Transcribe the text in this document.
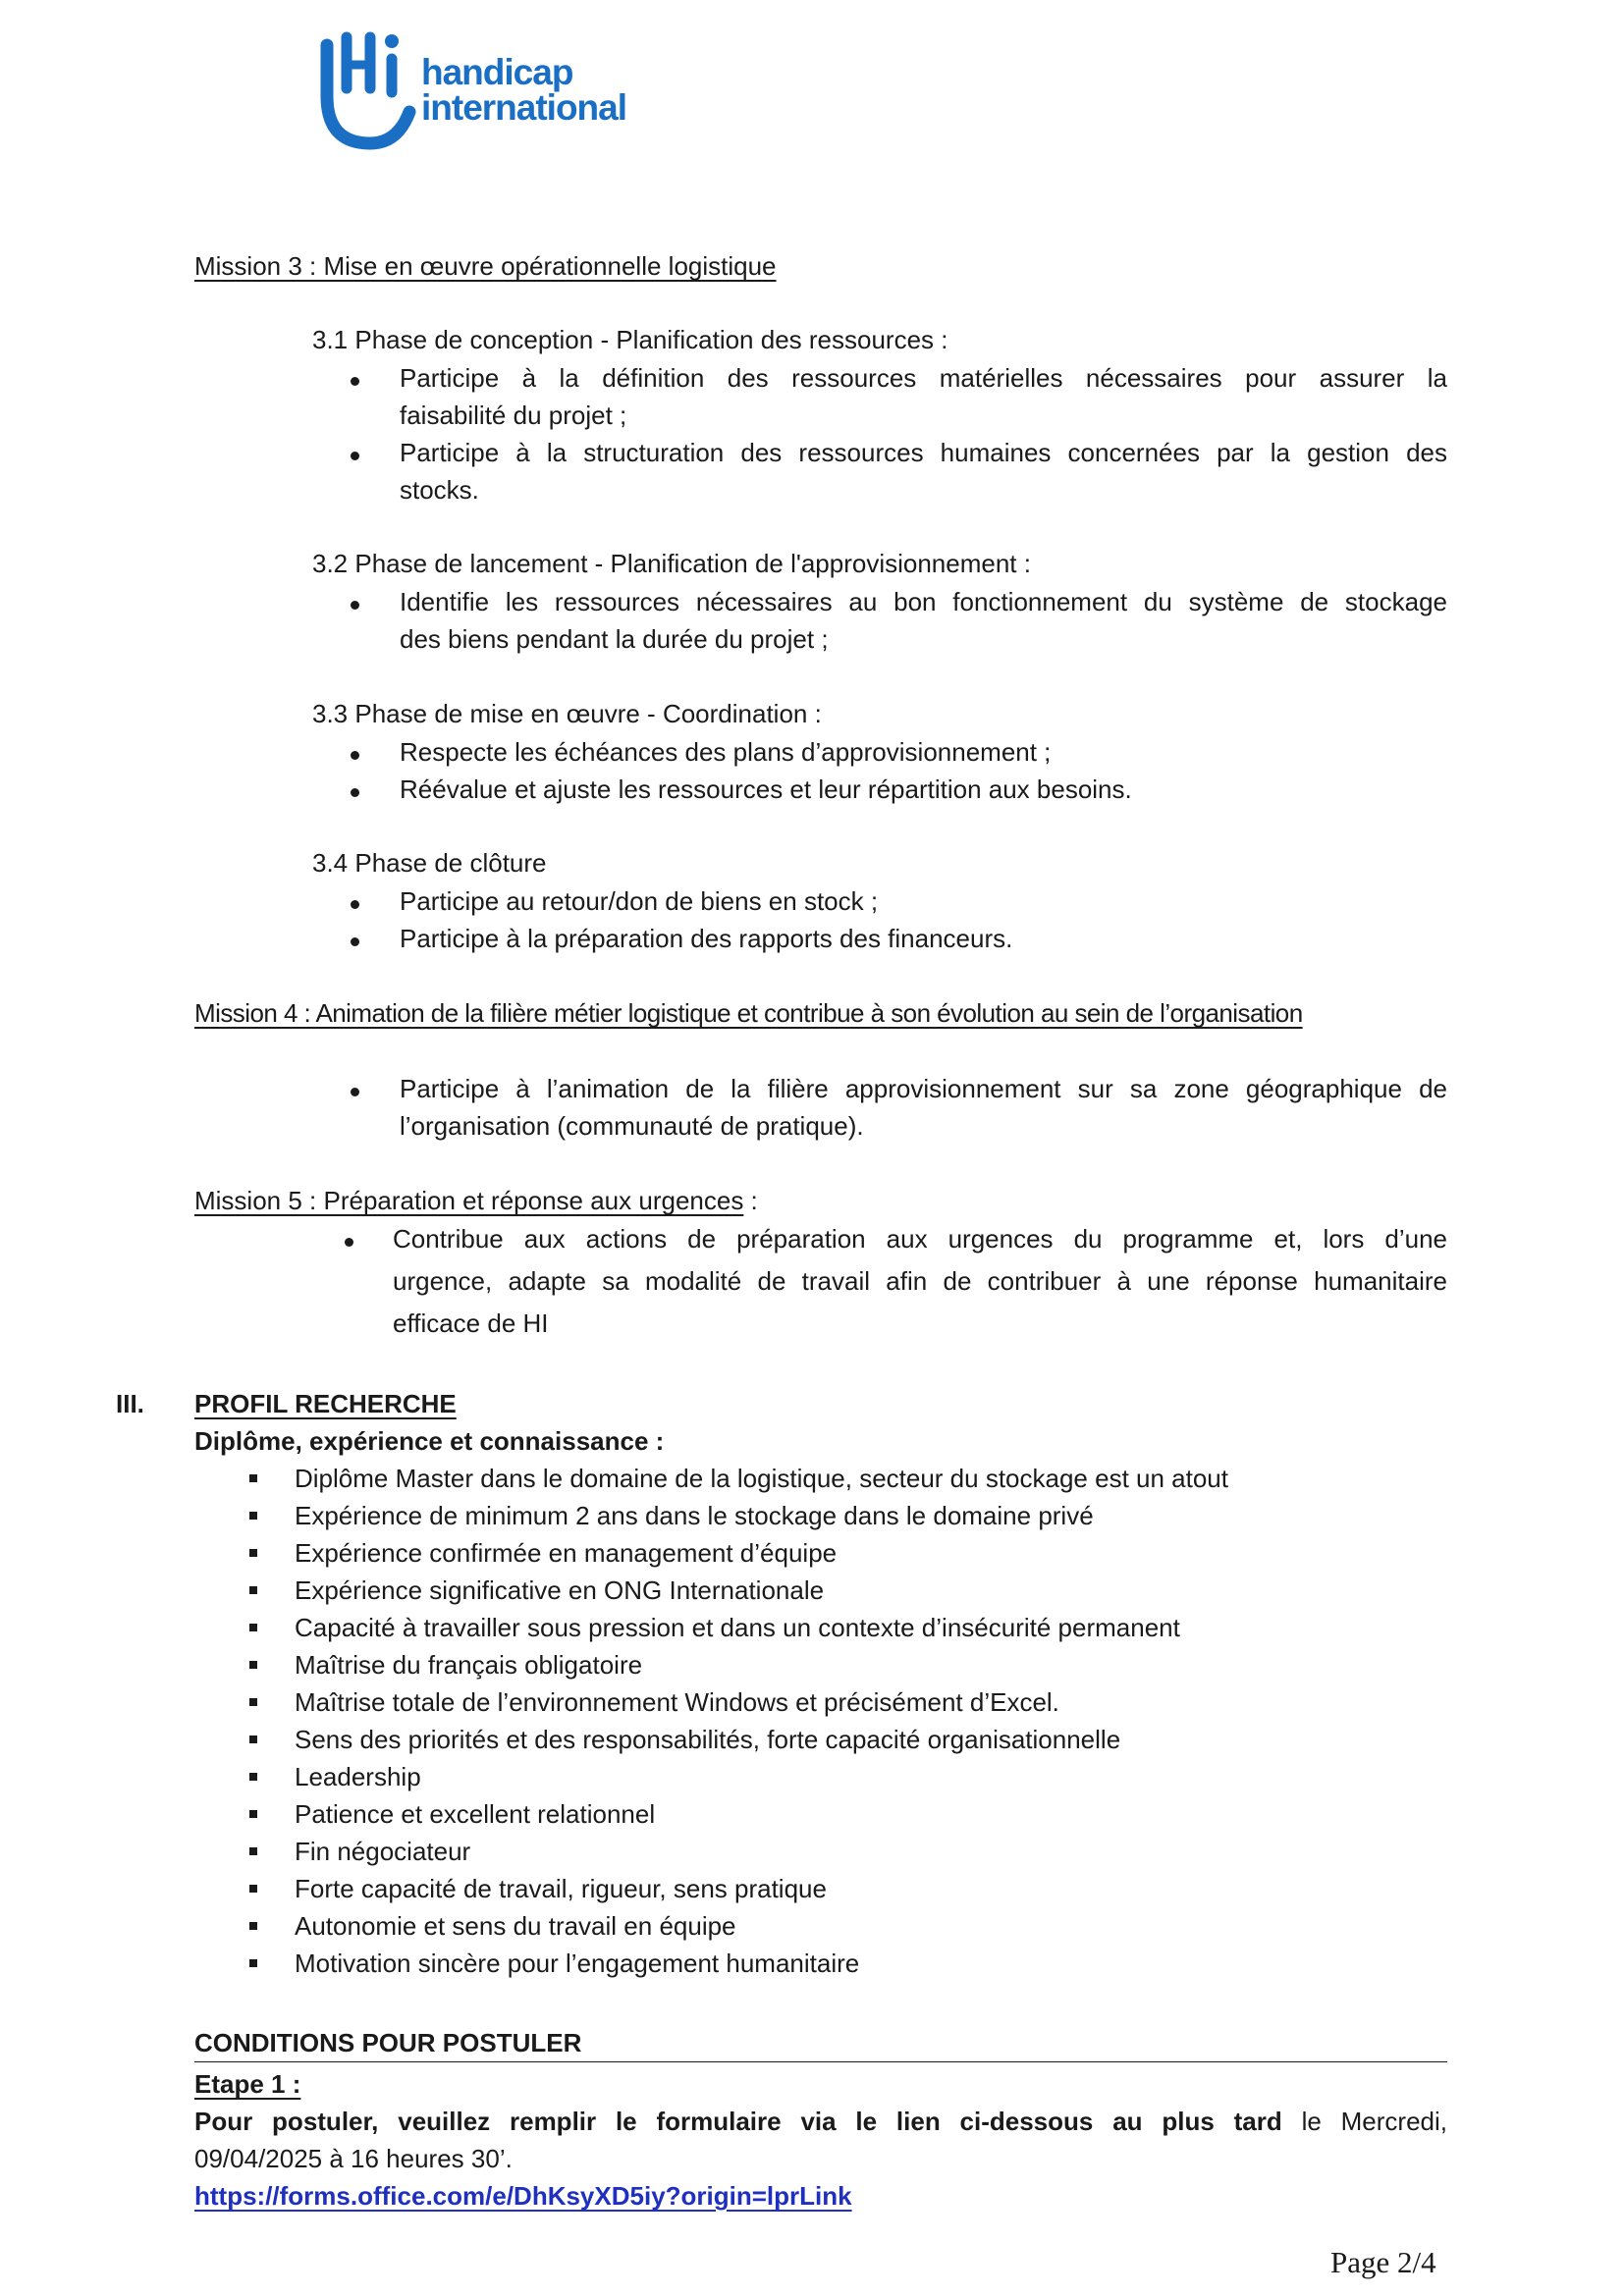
handicap
international
Mission 3 : Mise en œuvre opérationnelle logistique
3.1 Phase de conception - Planification des ressources :
Participe à la définition des ressources matérielles nécessaires pour assurer la
faisabilité du projet ;
Participe à la structuration des ressources humaines concernées par la gestion des
stocks.
3.2 Phase de lancement - Planification de l'approvisionnement :
Identifie les ressources nécessaires au bon fonctionnement du système de stockage
des biens pendant la durée du projet ;
3.3 Phase de mise en œuvre - Coordination :
Respecte les échéances des plans d’approvisionnement ;
Réévalue et ajuste les ressources et leur répartition aux besoins.
3.4 Phase de clôture
Participe au retour/don de biens en stock ;
Participe à la préparation des rapports des financeurs.
Mission 4 : Animation de la filière métier logistique et contribue à son évolution au sein de l’organisation
Participe à l’animation de la filière approvisionnement sur sa zone géographique de
l’organisation (communauté de pratique).
Mission 5 : Préparation et réponse aux urgences :
Contribue aux actions de préparation aux urgences du programme et, lors d’une
urgence, adapte sa modalité de travail afin de contribuer à une réponse humanitaire
efficace de HI
III. PROFIL RECHERCHE
Diplôme, expérience et connaissance :
Diplôme Master dans le domaine de la logistique, secteur du stockage est un atout
Expérience de minimum 2 ans dans le stockage dans le domaine privé
Expérience confirmée en management d’équipe
Expérience significative en ONG Internationale
Capacité à travailler sous pression et dans un contexte d’insécurité permanent
Maîtrise du français obligatoire
Maîtrise totale de l’environnement Windows et précisément d’Excel.
Sens des priorités et des responsabilités, forte capacité organisationnelle
Leadership
Patience et excellent relationnel
Fin négociateur
Forte capacité de travail, rigueur, sens pratique
Autonomie et sens du travail en équipe
Motivation sincère pour l’engagement humanitaire
CONDITIONS POUR POSTULER
Etape 1 :
Pour postuler, veuillez remplir le formulaire via le lien ci-dessous au plus tard le Mercredi,
09/04/2025 à 16 heures 30’.
https://forms.office.com/e/DhKsyXD5iy?origin=lprLink
Page 2/4
